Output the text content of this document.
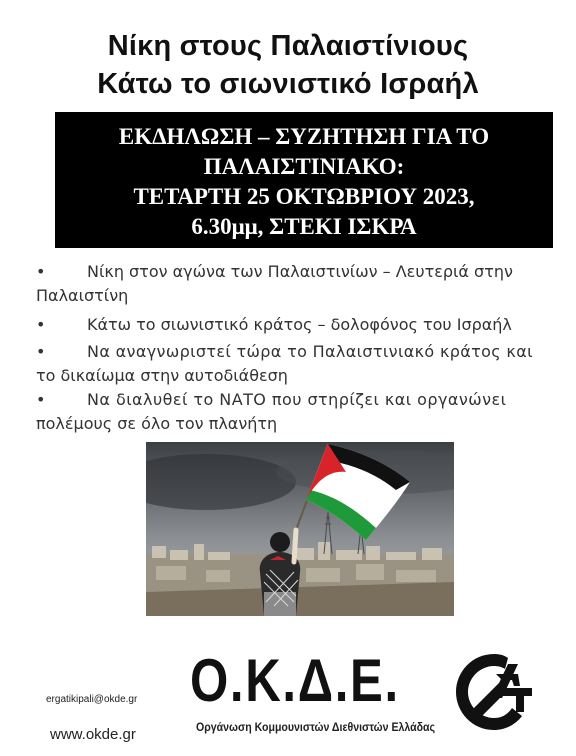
Νίκη στους Παλαιστίνιους
Κάτω το σιωνιστικό Ισραήλ
ΕΚΔΗΛΩΣΗ – ΣΥΖΗΤΗΣΗ ΓΙΑ ΤΟ
ΠΑΛΑΙΣΤΙΝΙΑΚΟ:
ΤΕΤΑΡΤΗ 25 ΟΚΤΩΒΡΙΟΥ 2023,
6.30μμ, ΣΤΕΚΙ ΙΣΚΡΑ
•	Νίκη στον αγώνα των Παλαιστινίων – Λευτεριά στην
Παλαιστίνη
•	Κάτω το σιωνιστικό κράτος – δολοφόνος του Ισραήλ
•	Να αναγνωριστεί τώρα το Παλαιστινιακό κράτος και
το δικαίωμα στην αυτοδιάθεση
•	Να διαλυθεί το ΝΑΤΟ που στηρίζει και οργανώνει
πολέμους σε όλο τον πλανήτη
Ο.Κ.Δ.Ε.
Οργάνωση Κομμουνιστών Διεθνιστών Ελλάδας
ergatikipali@okde.gr
www.okde.gr
